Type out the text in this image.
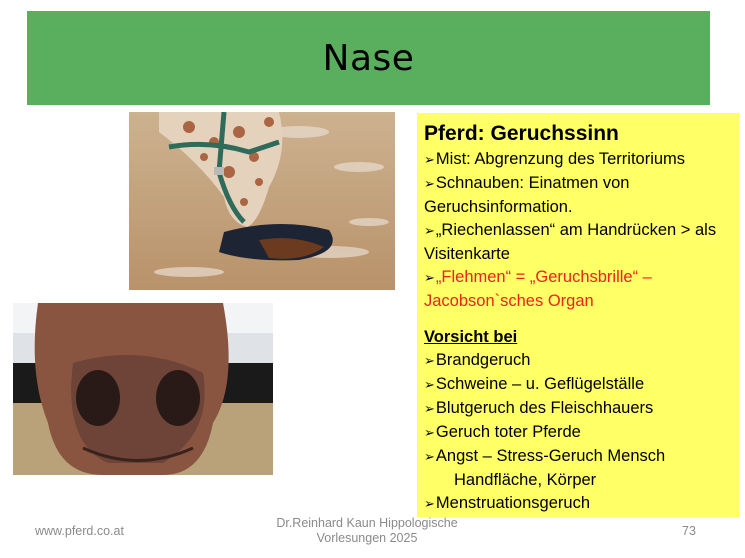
Nase
Pferd: Geruchssinn
➢Mist: Abgrenzung des Territoriums
➢Schnauben: Einatmen von Geruchsinformation.
➢„Riechenlassen“ am Handrücken > als Visitenkarte
➢„Flehmen“ = „Geruchsbrille“ – Jacobson`sches Organ
Vorsicht bei
➢Brandgeruch
➢Schweine – u. Geflügelställe
➢Blutgeruch des Fleischhauers
➢Geruch toter Pferde
➢Angst – Stress-Geruch Mensch
Handfläche, Körper
➢Menstruationsgeruch
www.pferd.co.at
Dr.Reinhard Kaun Hippologische
Vorlesungen 2025	73
